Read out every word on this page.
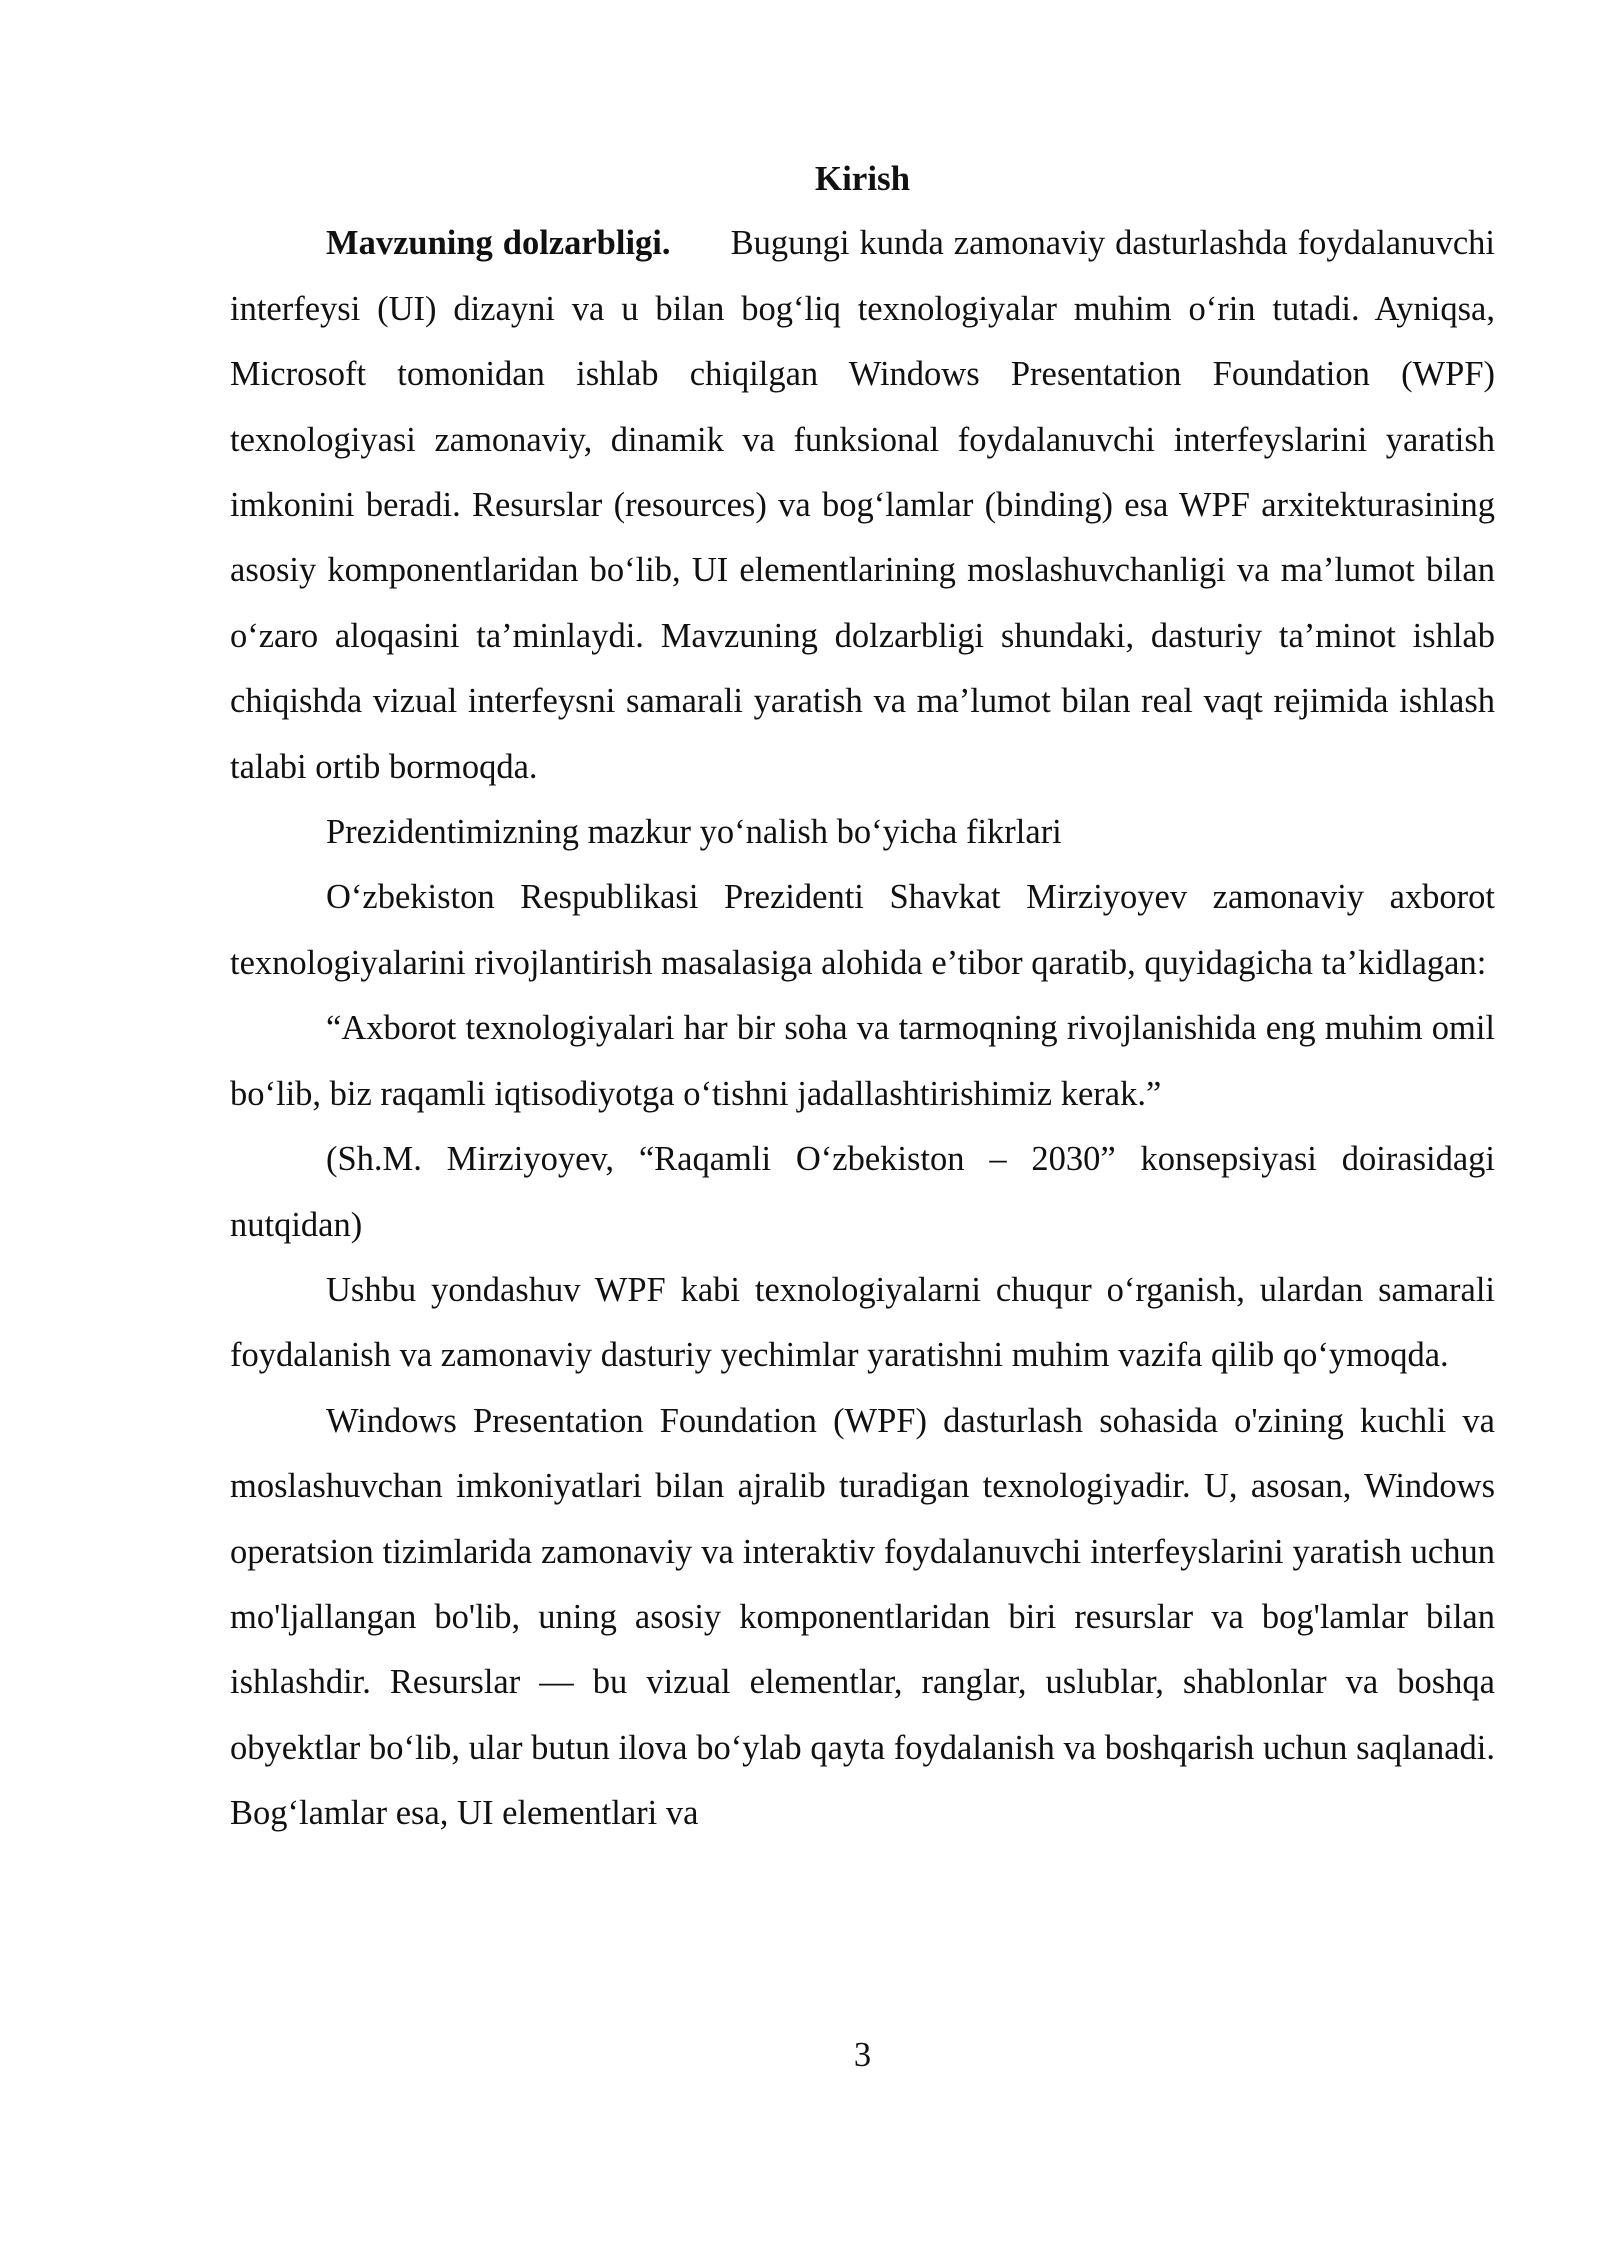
Kirish

Mavzuning dolzarbligi. Bugungi kunda zamonaviy dasturlashda foydalanuvchi interfeysi (UI) dizayni va u bilan bog‘liq texnologiyalar muhim o‘rin tutadi. Ayniqsa, Microsoft tomonidan ishlab chiqilgan Windows Presentation Foundation (WPF) texnologiyasi zamonaviy, dinamik va funksional foydalanuvchi interfeyslarini yaratish imkonini beradi. Resurslar (resources) va bog‘lamlar (binding) esa WPF arxitekturasining asosiy komponentlaridan bo‘lib, UI elementlarining moslashuvchanligi va ma’lumot bilan o‘zaro aloqasini ta’minlaydi. Mavzuning dolzarbligi shundaki, dasturiy ta’minot ishlab chiqishda vizual interfeysni samarali yaratish va ma’lumot bilan real vaqt rejimida ishlash talabi ortib bormoqda.

Prezidentimizning mazkur yo‘nalish bo‘yicha fikrlari

O‘zbekiston Respublikasi Prezidenti Shavkat Mirziyoyev zamonaviy axborot texnologiyalarini rivojlantirish masalasiga alohida e’tibor qaratib, quyidagicha ta’kidlagan:

“Axborot texnologiyalari har bir soha va tarmoqning rivojlanishida eng muhim omil bo‘lib, biz raqamli iqtisodiyotga o‘tishni jadallashtirishimiz kerak.”

(Sh.M. Mirziyoyev, “Raqamli O‘zbekiston – 2030” konsepsiyasi doirasidagi nutqidan)

Ushbu yondashuv WPF kabi texnologiyalarni chuqur o‘rganish, ulardan samarali foydalanish va zamonaviy dasturiy yechimlar yaratishni muhim vazifa qilib qo‘ymoqda.

Windows Presentation Foundation (WPF) dasturlash sohasida o'zining kuchli va moslashuvchan imkoniyatlari bilan ajralib turadigan texnologiyadir. U, asosan, Windows operatsion tizimlarida zamonaviy va interaktiv foydalanuvchi interfeyslarini yaratish uchun mo'ljallangan bo'lib, uning asosiy komponentlaridan biri resurslar va bog'lamlar bilan ishlashdir. Resurslar — bu vizual elementlar, ranglar, uslublar, shablonlar va boshqa obyektlar bo‘lib, ular butun ilova bo‘ylab qayta foydalanish va boshqarish uchun saqlanadi. Bog‘lamlar esa, UI elementlari va

3
